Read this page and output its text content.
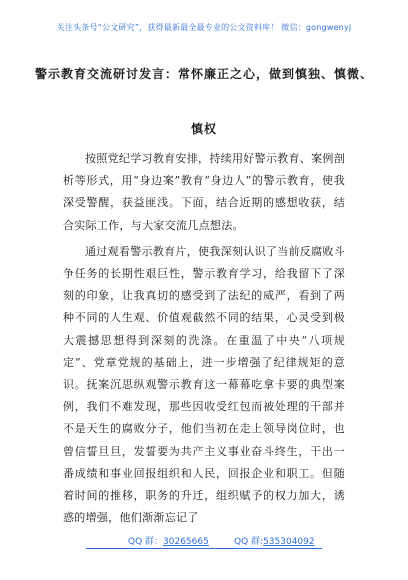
关注头条号“公文研究”，获得最新最全最专业的公文资料库！ 微信：gongwenyj
警示教育交流研讨发言：常怀廉正之心，做到慎独、慎微、
慎权

按照党纪学习教育安排，持续用好警示教育、案例剖析等形式，用“身边案”教育“身边人”的警示教育，使我深受警醒，获益匪浅。下面，结合近期的感想收获，结合实际工作，与大家交流几点想法。

通过观看警示教育片，使我深刻认识了当前反腐败斗争任务的长期性艰巨性，警示教育学习，给我留下了深刻的印象，让我真切的感受到了法纪的威严，看到了两种不同的人生观、价值观截然不同的结果，心灵受到极大震撼思想得到深刻的洗涤。在重温了中央“八项规定”、党章党规的基础上，进一步增强了纪律规矩的意识。抚案沉思纵观警示教育这一幕幕吃拿卡要的典型案例，我们不难发现，那些因收受红包而被处理的干部并不是天生的腐败分子，他们当初在走上领导岗位时，也曾信誓旦旦，发誓要为共产主义事业奋斗终生，干出一番成绩和事业回报组织和人民，回报企业和职工。但随着时间的推移，职务的升迁，组织赋予的权力加大，诱惑的增强，他们渐渐忘记了

QQ 群：30265665	QQ 群:535304092
